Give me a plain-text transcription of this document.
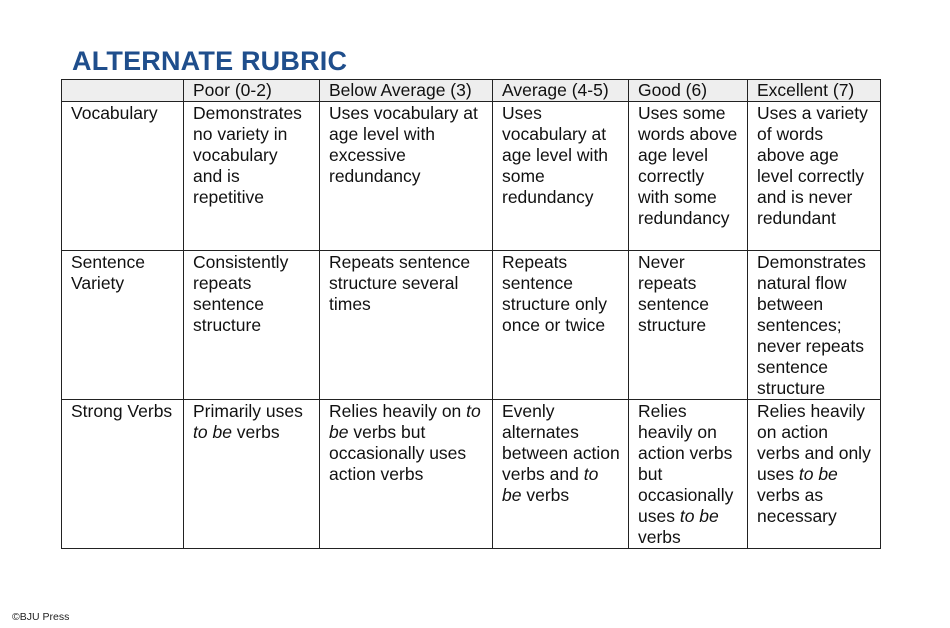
ALTERNATE RUBRIC
	Poor (0-2)	Below Average (3)	Average (4-5)	Good (6)	Excellent (7)
Vocabulary	Demonstrates no variety in vocabulary and is repetitive	Uses vocabulary at age level with excessive redundancy	Uses vocabulary at age level with some redundancy	Uses some words above age level correctly with some redundancy	Uses a variety of words above age level correctly and is never redundant
Sentence Variety	Consistently repeats sentence structure	Repeats sentence structure several times	Repeats sentence structure only once or twice	Never repeats sentence structure	Demonstrates natural flow between sentences; never repeats sentence structure
Strong Verbs	Primarily uses to be verbs	Relies heavily on to be verbs but occasionally uses action verbs	Evenly alternates between action verbs and to be verbs	Relies heavily on action verbs but occasionally uses to be verbs	Relies heavily on action verbs and only uses to be verbs as necessary
©BJU Press
